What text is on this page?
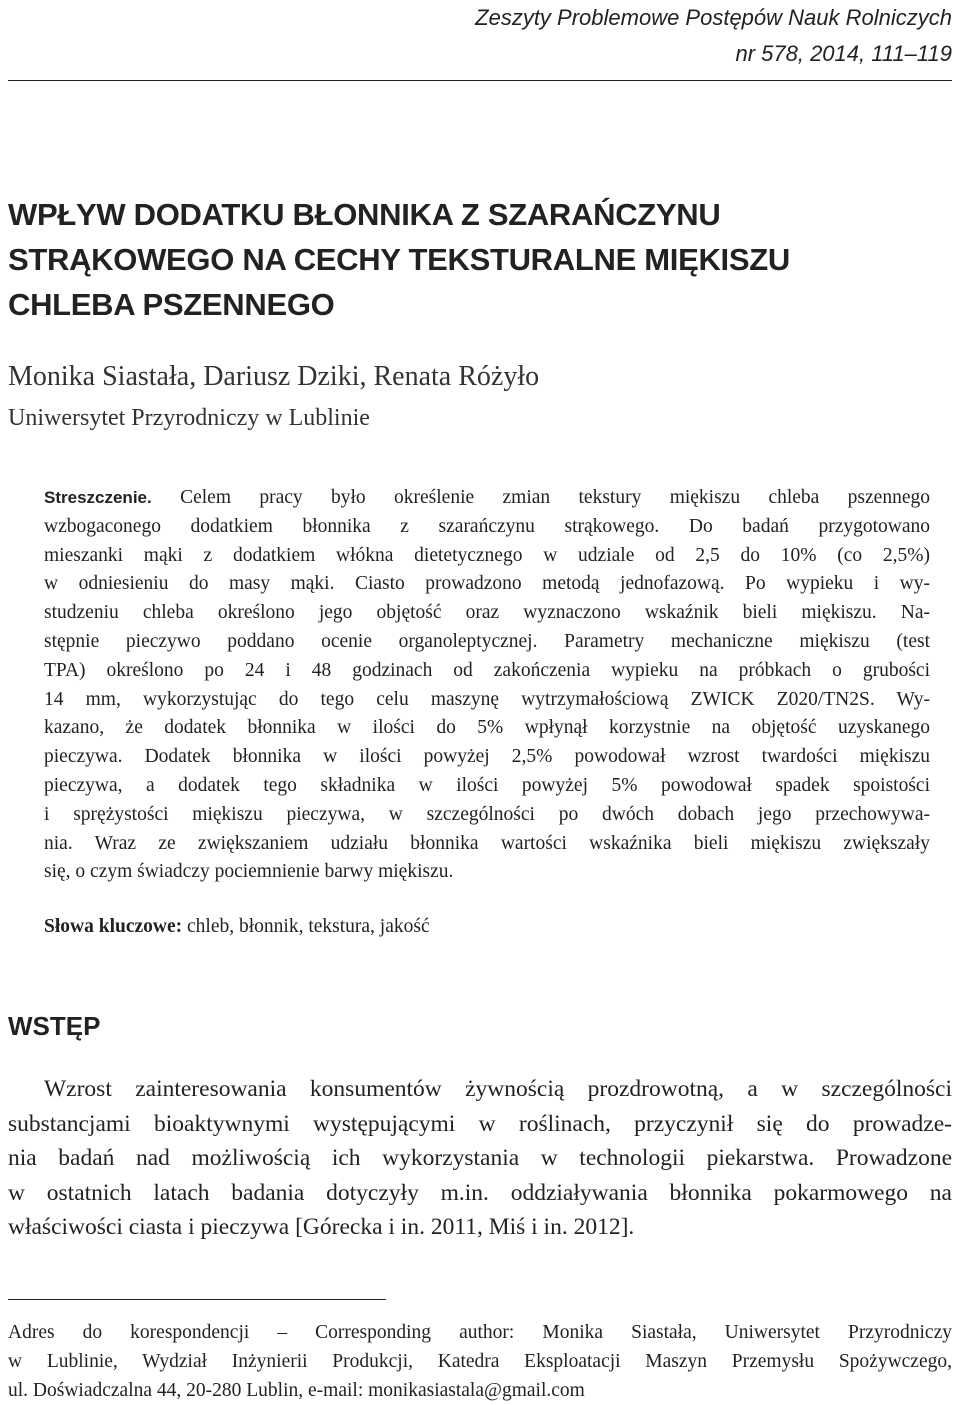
Zeszyty Problemowe Postępów Nauk Rolniczych
nr 578, 2014, 111–119
WPŁYW DODATKU BŁONNIKA Z SZARAŃCZYNU
STRĄKOWEGO NA CECHY TEKSTURALNE MIĘKISZU
CHLEBA PSZENNEGO
Monika Siastała, Dariusz Dziki, Renata Różyło
Uniwersytet Przyrodniczy w Lublinie
Streszczenie. Celem pracy było określenie zmian tekstury miękiszu chleba pszennego
wzbogaconego dodatkiem błonnika z szarańczynu strąkowego. Do badań przygotowano
mieszanki mąki z dodatkiem włókna dietetycznego w udziale od 2,5 do 10% (co 2,5%)
w odniesieniu do masy mąki. Ciasto prowadzono metodą jednofazową. Po wypieku i wy-
studzeniu chleba określono jego objętość oraz wyznaczono wskaźnik bieli miękiszu. Na-
stępnie pieczywo poddano ocenie organoleptycznej. Parametry mechaniczne miękiszu (test
TPA) określono po 24 i 48 godzinach od zakończenia wypieku na próbkach o grubości
14 mm, wykorzystując do tego celu maszynę wytrzymałościową ZWICK Z020/TN2S. Wy-
kazano, że dodatek błonnika w ilości do 5% wpłynął korzystnie na objętość uzyskanego
pieczywa. Dodatek błonnika w ilości powyżej 2,5% powodował wzrost twardości miękiszu
pieczywa, a dodatek tego składnika w ilości powyżej 5% powodował spadek spoistości
i sprężystości miękiszu pieczywa, w szczególności po dwóch dobach jego przechowywa-
nia. Wraz ze zwiększaniem udziału błonnika wartości wskaźnika bieli miękiszu zwiększały
się, o czym świadczy pociemnienie barwy miękiszu.
Słowa kluczowe: chleb, błonnik, tekstura, jakość
WSTĘP
Wzrost zainteresowania konsumentów żywnością prozdrowotną, a w szczególności
substancjami bioaktywnymi występującymi w roślinach, przyczynił się do prowadze-
nia badań nad możliwością ich wykorzystania w technologii piekarstwa. Prowadzone
w ostatnich latach badania dotyczyły m.in. oddziaływania błonnika pokarmowego na
właściwości ciasta i pieczywa [Górecka i in. 2011, Miś i in. 2012].
Adres do korespondencji – Corresponding author: Monika Siastała, Uniwersytet Przyrodniczy
w Lublinie, Wydział Inżynierii Produkcji, Katedra Eksploatacji Maszyn Przemysłu Spożywczego,
ul. Doświadczalna 44, 20-280 Lublin, e-mail: monikasiastala@gmail.com
